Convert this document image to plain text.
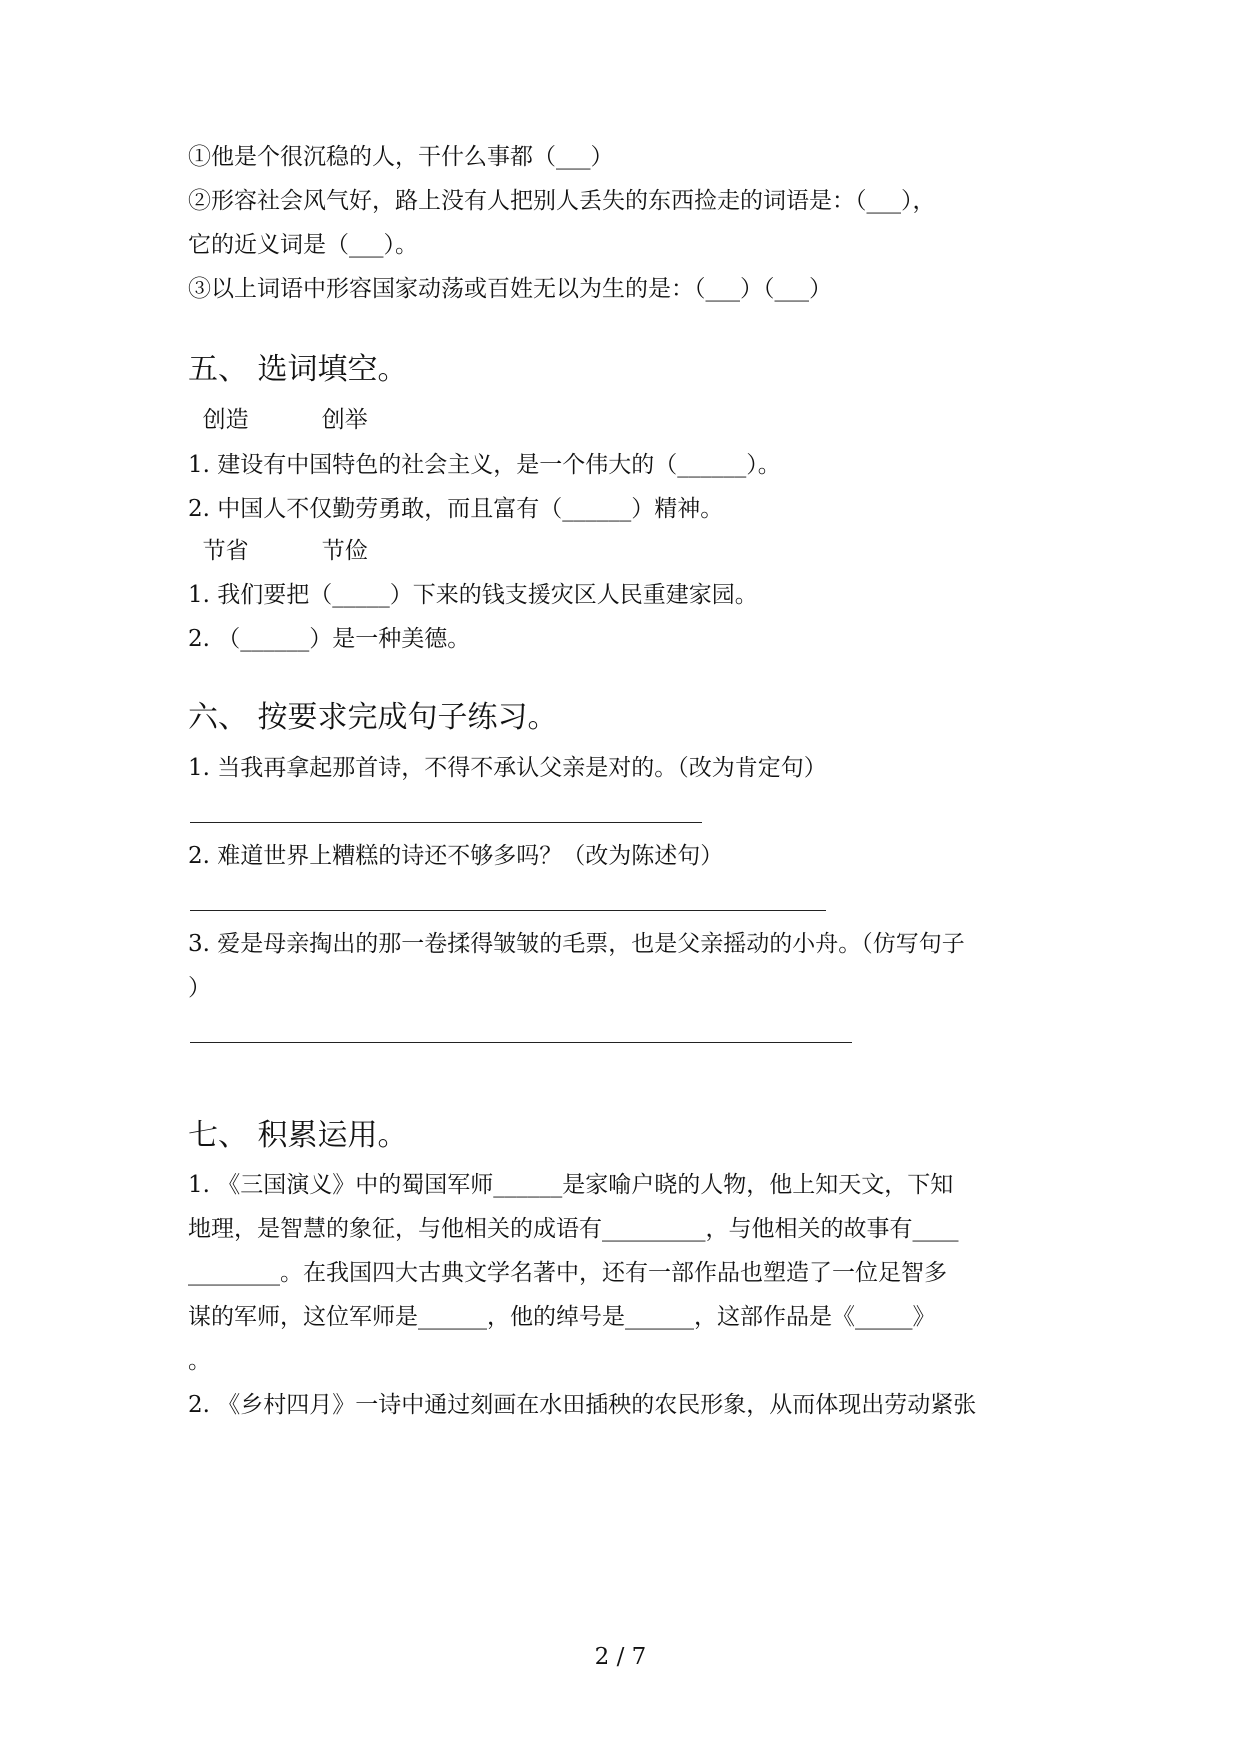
①他是个很沉稳的人，干什么事都（___）
②形容社会风气好，路上没有人把别人丢失的东西捡走的词语是：（___），
它的近义词是（___）。
③以上词语中形容国家动荡或百姓无以为生的是：（___）（___）
五、 选词填空。
创造          创举
1. 建设有中国特色的社会主义，是一个伟大的（______）。
2. 中国人不仅勤劳勇敢，而且富有（______）精神。
节省          节俭
1. 我们要把（_____）下来的钱支援灾区人民重建家园。
2. （______）是一种美德。
六、 按要求完成句子练习。
1. 当我再拿起那首诗，不得不承认父亲是对的。（改为肯定句）
2. 难道世界上糟糕的诗还不够多吗？（改为陈述句）
3. 爱是母亲掏出的那一卷揉得皱皱的毛票，也是父亲摇动的小舟。（仿写句子
）
七、 积累运用。
1. 《三国演义》中的蜀国军师______是家喻户晓的人物，他上知天文，下知
地理，是智慧的象征，与他相关的成语有_________，与他相关的故事有____
________。在我国四大古典文学名著中，还有一部作品也塑造了一位足智多
谋的军师，这位军师是______，他的绰号是______，这部作品是《_____》
。
2. 《乡村四月》一诗中通过刻画在水田插秧的农民形象，从而体现出劳动紧张
2 / 7
